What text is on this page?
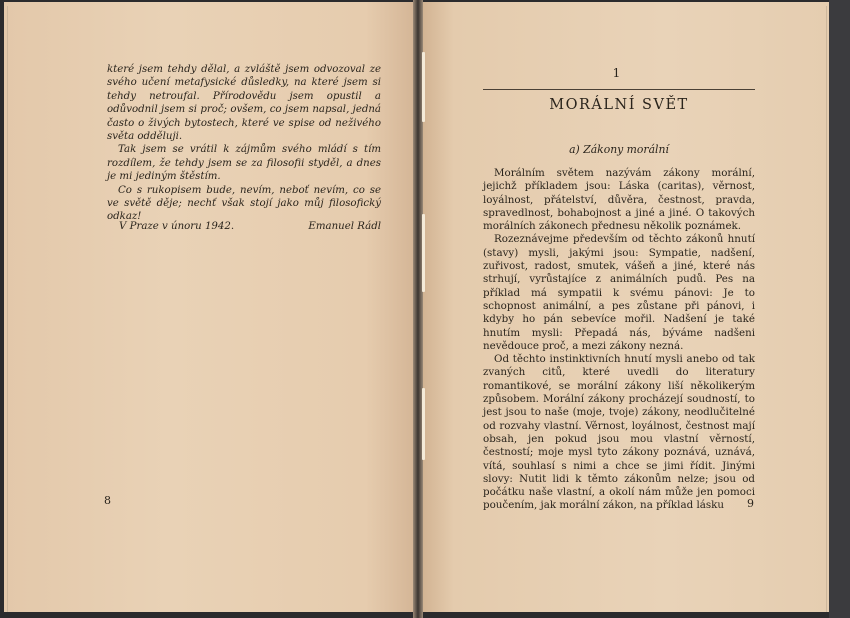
které jsem tehdy dělal, a zvláště jsem odvozoval ze svého učení metafysické důsledky, na které jsem si tehdy netroufal. Přírodovědu jsem opustil a odůvodnil jsem si proč; ovšem, co jsem napsal, jedná často o živých bytostech, které ve spise od neživého světa odděluji.

Tak jsem se vrátil k zájmům svého mládí s tím rozdílem, že tehdy jsem se za filosofii styděl, a dnes je mi jediným štěstím.

Co s rukopisem bude, nevím, neboť nevím, co se ve světě děje; nechť však stojí jako můj filosofický odkaz!

V Praze v únoru 1942.	Emanuel Rádl
8
1
MORÁLNÍ SVĚT
a) Zákony morální

Morálním světem nazývám zákony morální, jejichž příkladem jsou: Láska (caritas), věrnost, loyálnost, přátelství, důvěra, čestnost, pravda, spravedlnost, bohabojnost a jiné a jiné. O takových morálních zákonech přednesu několik poznámek.

Rozeznávejme především od těchto zákonů hnutí (stavy) mysli, jakými jsou: Sympatie, nadšení, zuřivost, radost, smutek, vášeň a jiné, které nás strhují, vyrůstajíce z animálních pudů. Pes na příklad má sympatii k svému pánovi: Je to schopnost animální, a pes zůstane při pánovi, i kdyby ho pán sebevíce mořil. Nadšení je také hnutím mysli: Přepadá nás, býváme nadšeni nevědouce proč, a mezi zákony nezná.

Od těchto instinktivních hnutí mysli anebo od tak zvaných citů, které uvedli do literatury romantikové, se morální zákony liší několikerým způsobem. Morální zákony procházejí soudností, to jest jsou to naše (moje, tvoje) zákony, neodlučitelné od rozvahy vlastní. Věrnost, loyálnost, čestnost mají obsah, jen pokud jsou mou vlastní věrností, čestností; moje mysl tyto zákony poznává, uznává, vítá, souhlasí s nimi a chce se jimi řídit. Jinými slovy: Nutit lidi k těmto zákonům nelze; jsou od počátku naše vlastní, a okolí nám může jen pomoci poučením, jak morální zákon, na příklad lásku	9
